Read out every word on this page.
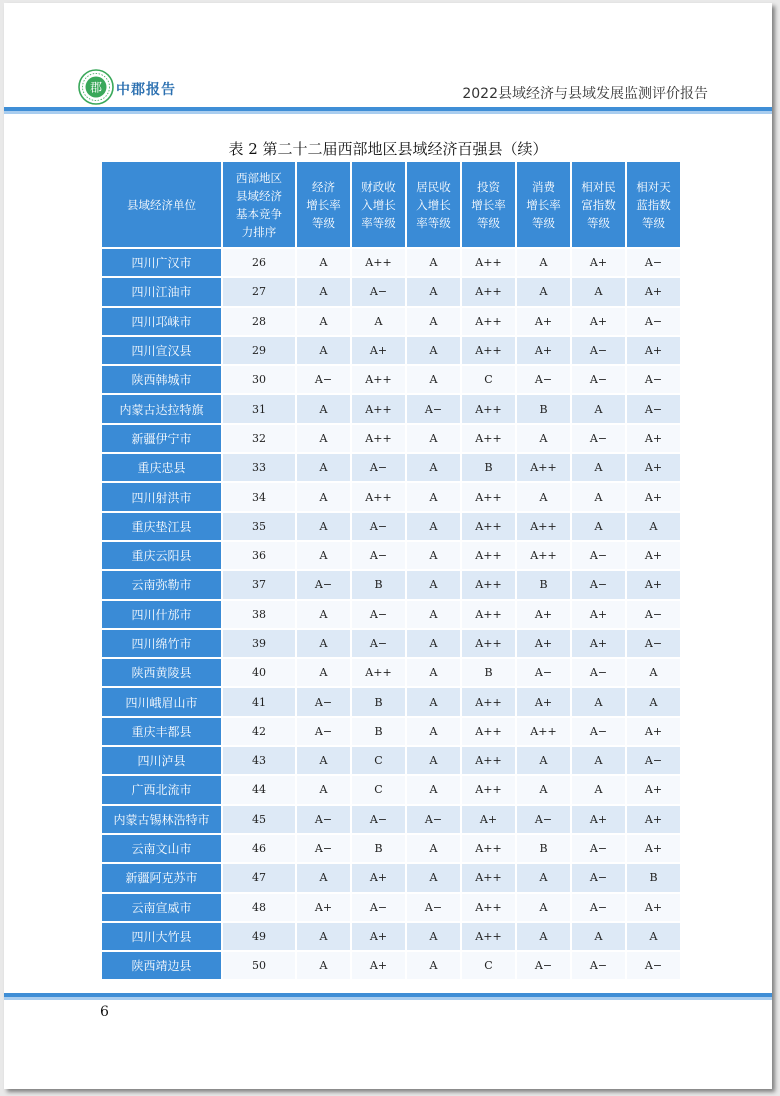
郡 中郡报告	2022县域经济与县域发展监测评价报告
表 2 第二十二届西部地区县域经济百强县（续）
县域经济单位	西部地区
县域经济
基本竞争
力排序	经济
增长率
等级	财政收
入增长
率等级	居民收
入增长
率等级	投资
增长率
等级	消费
增长率
等级	相对民
富指数
等级	相对天
蓝指数
等级
四川广汉市	26	A	A++	A	A++	A	A+	A−
四川江油市	27	A	A−	A	A++	A	A	A+
四川邛崃市	28	A	A	A	A++	A+	A+	A−
四川宣汉县	29	A	A+	A	A++	A+	A−	A+
陕西韩城市	30	A−	A++	A	C	A−	A−	A−
内蒙古达拉特旗	31	A	A++	A−	A++	B	A	A−
新疆伊宁市	32	A	A++	A	A++	A	A−	A+
重庆忠县	33	A	A−	A	B	A++	A	A+
四川射洪市	34	A	A++	A	A++	A	A	A+
重庆垫江县	35	A	A−	A	A++	A++	A	A
重庆云阳县	36	A	A−	A	A++	A++	A−	A+
云南弥勒市	37	A−	B	A	A++	B	A−	A+
四川什邡市	38	A	A−	A	A++	A+	A+	A−
四川绵竹市	39	A	A−	A	A++	A+	A+	A−
陕西黄陵县	40	A	A++	A	B	A−	A−	A
四川峨眉山市	41	A−	B	A	A++	A+	A	A
重庆丰都县	42	A−	B	A	A++	A++	A−	A+
四川泸县	43	A	C	A	A++	A	A	A−
广西北流市	44	A	C	A	A++	A	A	A+
内蒙古锡林浩特市	45	A−	A−	A−	A+	A−	A+	A+
云南文山市	46	A−	B	A	A++	B	A−	A+
新疆阿克苏市	47	A	A+	A	A++	A	A−	B
云南宣威市	48	A+	A−	A−	A++	A	A−	A+
四川大竹县	49	A	A+	A	A++	A	A	A
陕西靖边县	50	A	A+	A	C	A−	A−	A−
6
